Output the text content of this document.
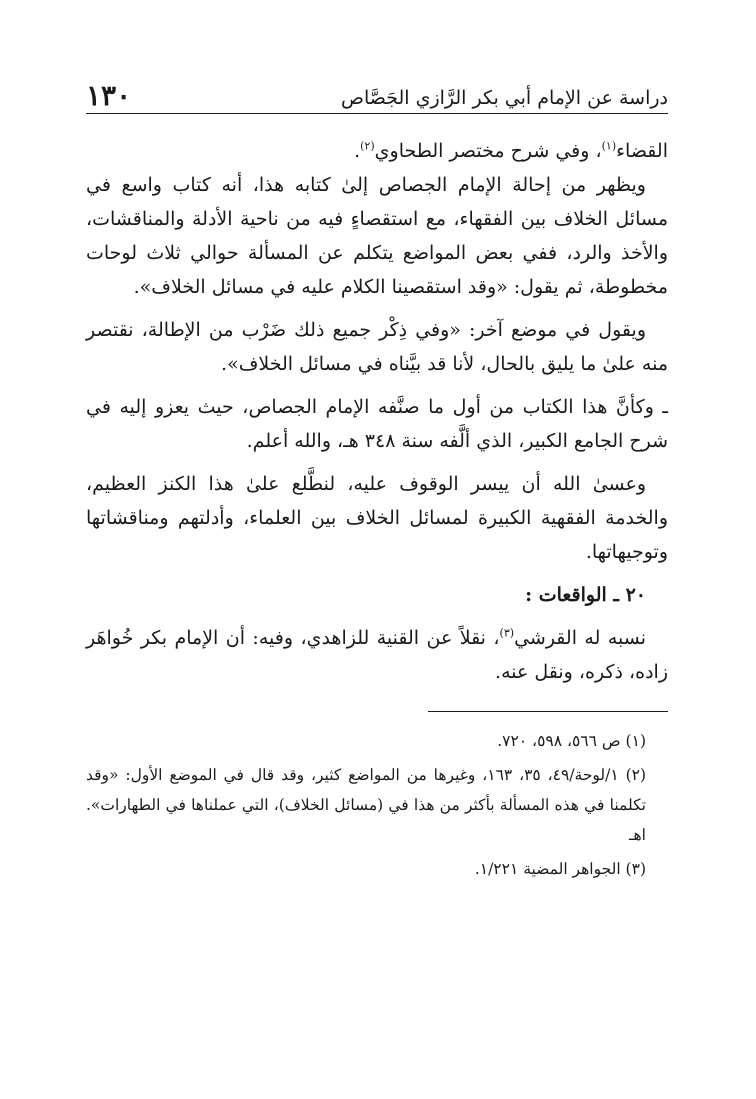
دراسة عن الإمام أبي بكر الرَّازي الجَصَّاص
١٣٠

القضاء$^{(١)}$، وفي شرح مختصر الطحاوي$^{(٢)}$.

ويظهر من إحالة الإمام الجصاص إلىٰ كتابه هذا، أنه كتاب واسع في مسائل الخلاف بين الفقهاء، مع استقصاءٍ فيه من ناحية الأدلة والمناقشات، والأخذ والرد، ففي بعض المواضع يتكلم عن المسألة حوالي ثلاث لوحات مخطوطة، ثم يقول: «وقد استقصينا الكلام عليه في مسائل الخلاف».

ويقول في موضع آخر: «وفي ذِكْر جميع ذلك ضَرْب من الإطالة، نقتصر منه علىٰ ما يليق بالحال، لأنا قد بيَّناه في مسائل الخلاف».

ـ وكأنَّ هذا الكتاب من أول ما صنَّفه الإمام الجصاص، حيث يعزو إليه في شرح الجامع الكبير، الذي ألَّفه سنة ٣٤٨ هـ، والله أعلم.

وعسىٰ الله أن ييسر الوقوف عليه، لنطَّلع علىٰ هذا الكنز العظيم، والخدمة الفقهية الكبيرة لمسائل الخلاف بين العلماء، وأدلتهم ومناقشاتها وتوجيهاتها.

٢٠ ـ الواقعات :

نسبه له القرشي$^{(٣)}$، نقلاً عن القنية للزاهدي، وفيه: أن الإمام بكر خُواهَر زاده، ذكره، ونقل عنه.

(١) ص ٥٦٦، ٥٩٨، ٧٢٠.

(٢) ١/لوحة/٤٩، ٣٥، ١٦٣، وغيرها من المواضع كثير، وقد قال في الموضع الأول: «وقد تكلمنا في هذه المسألة بأكثر من هذا في (مسائل الخلاف)، التي عملناها في الطهارات». اهـ

(٣) الجواهر المضية ١/٢٢١.
